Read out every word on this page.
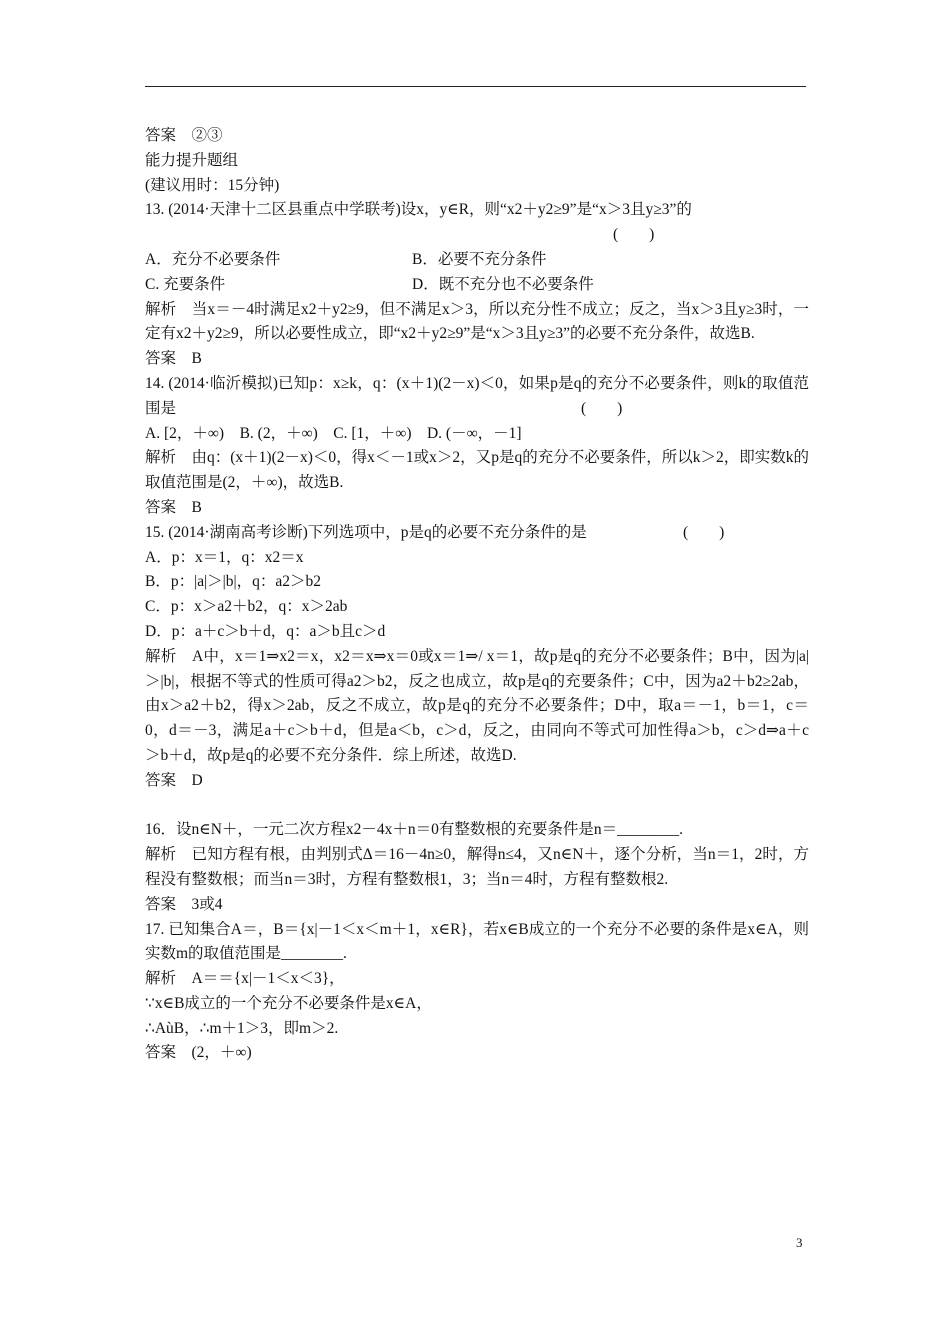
答案　②③
能力提升题组
(建议用时：15分钟)
13. (2014·天津十二区县重点中学联考)设x，y∈R，则“x2＋y2≥9”是“x＞3且y≥3”的
(　　)
A．充分不必要条件	B．必要不充分条件
C. 充要条件	D．既不充分也不必要条件
解析　当x＝－4时满足x2＋y2≥9，但不满足x＞3，所以充分性不成立；反之，当x＞3且y≥3时，一定有x2＋y2≥9，所以必要性成立，即“x2＋y2≥9”是“x＞3且y≥3”的必要不充分条件，故选B.
答案　B
14. (2014·临沂模拟)已知p：x≥k，q：(x＋1)(2－x)＜0，如果p是q的充分不必要条件，则k的取值范围是	(　　)
A. [2，＋∞)　B. (2，＋∞)　C. [1，＋∞)　D. (－∞，－1]
解析　由q：(x＋1)(2－x)＜0，得x＜－1或x＞2，又p是q的充分不必要条件，所以k＞2，即实数k的取值范围是(2，＋∞)，故选B.
答案　B
15. (2014·湖南高考诊断)下列选项中，p是q的必要不充分条件的是	(　　)
A．p：x＝1，q：x2＝x
B．p：|a|＞|b|，q：a2＞b2
C．p：x＞a2＋b2，q：x＞2ab
D．p：a＋c＞b＋d，q：a＞b且c＞d
解析　A中，x＝1⇒x2＝x，x2＝x⇒x＝0或x＝1⇒/ x＝1，故p是q的充分不必要条件；B中，因为|a|＞|b|，根据不等式的性质可得a2＞b2，反之也成立，故p是q的充要条件；C中，因为a2＋b2≥2ab，由x＞a2＋b2，得x＞2ab，反之不成立，故p是q的充分不必要条件；D中，取a＝－1，b＝1，c＝0，d＝－3，满足a＋c＞b＋d，但是a＜b，c＞d，反之，由同向不等式可加性得a＞b，c＞d⇒a＋c＞b＋d，故p是q的必要不充分条件．综上所述，故选D.
答案　D
16．设n∈N＋，一元二次方程x2－4x＋n＝0有整数根的充要条件是n＝________.
解析　已知方程有根，由判别式Δ＝16－4n≥0，解得n≤4，又n∈N＋，逐个分析，当n＝1，2时，方程没有整数根；而当n＝3时，方程有整数根1，3；当n＝4时，方程有整数根2.
答案　3或4
17. 已知集合A＝，B＝{x|－1＜x＜m＋1，x∈R}，若x∈B成立的一个充分不必要的条件是x∈A，则实数m的取值范围是________.
解析　A＝＝{x|－1＜x＜3}，
∵x∈B成立的一个充分不必要条件是x∈A，
∴AùB，∴m＋1＞3，即m＞2.
答案　(2，＋∞)
3
